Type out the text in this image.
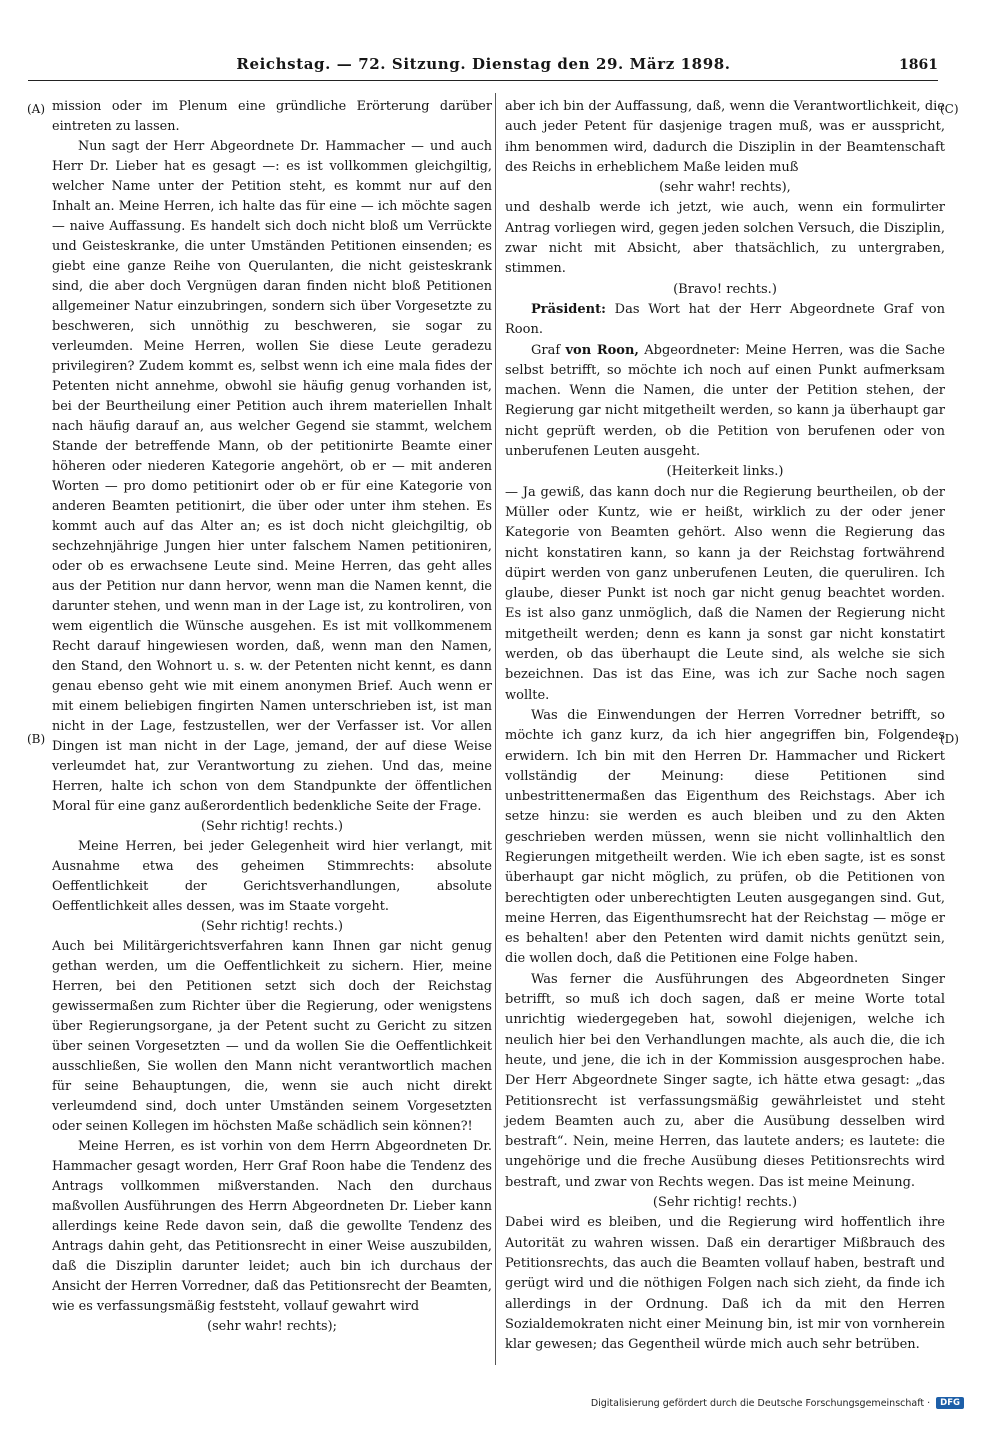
Reichstag. — 72. Sitzung. Dienstag den 29. März 1898.	1861
(A)
(B)
(C)
(D)

mission oder im Plenum eine gründliche Erörterung darüber eintreten zu lassen.

Nun sagt der Herr Abgeordnete Dr. Hammacher — und auch Herr Dr. Lieber hat es gesagt —: es ist vollkommen gleichgiltig, welcher Name unter der Petition steht, es kommt nur auf den Inhalt an. Meine Herren, ich halte das für eine — ich möchte sagen — naive Auffassung. Es handelt sich doch nicht bloß um Verrückte und Geisteskranke, die unter Umständen Petitionen einsenden; es giebt eine ganze Reihe von Querulanten, die nicht geisteskrank sind, die aber doch Vergnügen daran finden nicht bloß Petitionen allgemeiner Natur einzubringen, sondern sich über Vorgesetzte zu beschweren, sich unnöthig zu beschweren, sie sogar zu verleumden. Meine Herren, wollen Sie diese Leute geradezu privilegiren? Zudem kommt es, selbst wenn ich eine mala fides der Petenten nicht annehme, obwohl sie häufig genug vorhanden ist, bei der Beurtheilung einer Petition auch ihrem materiellen Inhalt nach häufig darauf an, aus welcher Gegend sie stammt, welchem Stande der betreffende Mann, ob der petitionirte Beamte einer höheren oder niederen Kategorie angehört, ob er — mit anderen Worten — pro domo petitionirt oder ob er für eine Kategorie von anderen Beamten petitionirt, die über oder unter ihm stehen. Es kommt auch auf das Alter an; es ist doch nicht gleichgiltig, ob sechzehnjährige Jungen hier unter falschem Namen petitioniren, oder ob es erwachsene Leute sind. Meine Herren, das geht alles aus der Petition nur dann hervor, wenn man die Namen kennt, die darunter stehen, und wenn man in der Lage ist, zu kontroliren, von wem eigentlich die Wünsche ausgehen. Es ist mit vollkommenem Recht darauf hingewiesen worden, daß, wenn man den Namen, den Stand, den Wohnort u. s. w. der Petenten nicht kennt, es dann genau ebenso geht wie mit einem anonymen Brief. Auch wenn er mit einem beliebigen fingirten Namen unterschrieben ist, ist man nicht in der Lage, festzustellen, wer der Verfasser ist. Vor allen Dingen ist man nicht in der Lage, jemand, der auf diese Weise verleumdet hat, zur Verantwortung zu ziehen. Und das, meine Herren, halte ich schon von dem Standpunkte der öffentlichen Moral für eine ganz außerordentlich bedenkliche Seite der Frage.

(Sehr richtig! rechts.)

Meine Herren, bei jeder Gelegenheit wird hier verlangt, mit Ausnahme etwa des geheimen Stimmrechts: absolute Oeffentlichkeit der Gerichtsverhandlungen, absolute Oeffentlichkeit alles dessen, was im Staate vorgeht.

(Sehr richtig! rechts.)

Auch bei Militärgerichtsverfahren kann Ihnen gar nicht genug gethan werden, um die Oeffentlichkeit zu sichern. Hier, meine Herren, bei den Petitionen setzt sich doch der Reichstag gewissermaßen zum Richter über die Regierung, oder wenigstens über Regierungsorgane, ja der Petent sucht zu Gericht zu sitzen über seinen Vorgesetzten — und da wollen Sie die Oeffentlichkeit ausschließen, Sie wollen den Mann nicht verantwortlich machen für seine Behauptungen, die, wenn sie auch nicht direkt verleumdend sind, doch unter Umständen seinem Vorgesetzten oder seinen Kollegen im höchsten Maße schädlich sein können?!

Meine Herren, es ist vorhin von dem Herrn Abgeordneten Dr. Hammacher gesagt worden, Herr Graf Roon habe die Tendenz des Antrags vollkommen mißverstanden. Nach den durchaus maßvollen Ausführungen des Herrn Abgeordneten Dr. Lieber kann allerdings keine Rede davon sein, daß die gewollte Tendenz des Antrags dahin geht, das Petitionsrecht in einer Weise auszubilden, daß die Disziplin darunter leidet; auch bin ich durchaus der Ansicht der Herren Vorredner, daß das Petitionsrecht der Beamten, wie es verfassungsmäßig feststeht, vollauf gewahrt wird

(sehr wahr! rechts);

aber ich bin der Auffassung, daß, wenn die Verantwortlichkeit, die auch jeder Petent für dasjenige tragen muß, was er ausspricht, ihm benommen wird, dadurch die Disziplin in der Beamtenschaft des Reichs in erheblichem Maße leiden muß

(sehr wahr! rechts),

und deshalb werde ich jetzt, wie auch, wenn ein formulirter Antrag vorliegen wird, gegen jeden solchen Versuch, die Disziplin, zwar nicht mit Absicht, aber thatsächlich, zu untergraben, stimmen.

(Bravo! rechts.)

Präsident: Das Wort hat der Herr Abgeordnete Graf von Roon.

Graf von Roon, Abgeordneter: Meine Herren, was die Sache selbst betrifft, so möchte ich noch auf einen Punkt aufmerksam machen. Wenn die Namen, die unter der Petition stehen, der Regierung gar nicht mitgetheilt werden, so kann ja überhaupt gar nicht geprüft werden, ob die Petition von berufenen oder von unberufenen Leuten ausgeht.

(Heiterkeit links.)

— Ja gewiß, das kann doch nur die Regierung beurtheilen, ob der Müller oder Kuntz, wie er heißt, wirklich zu der oder jener Kategorie von Beamten gehört. Also wenn die Regierung das nicht konstatiren kann, so kann ja der Reichstag fortwährend düpirt werden von ganz unberufenen Leuten, die queruliren. Ich glaube, dieser Punkt ist noch gar nicht genug beachtet worden. Es ist also ganz unmöglich, daß die Namen der Regierung nicht mitgetheilt werden; denn es kann ja sonst gar nicht konstatirt werden, ob das überhaupt die Leute sind, als welche sie sich bezeichnen. Das ist das Eine, was ich zur Sache noch sagen wollte.

Was die Einwendungen der Herren Vorredner betrifft, so möchte ich ganz kurz, da ich hier angegriffen bin, Folgendes erwidern. Ich bin mit den Herren Dr. Hammacher und Rickert vollständig der Meinung: diese Petitionen sind unbestrittenermaßen das Eigenthum des Reichstags. Aber ich setze hinzu: sie werden es auch bleiben und zu den Akten geschrieben werden müssen, wenn sie nicht vollinhaltlich den Regierungen mitgetheilt werden. Wie ich eben sagte, ist es sonst überhaupt gar nicht möglich, zu prüfen, ob die Petitionen von berechtigten oder unberechtigten Leuten ausgegangen sind. Gut, meine Herren, das Eigenthumsrecht hat der Reichstag — möge er es behalten! aber den Petenten wird damit nichts genützt sein, die wollen doch, daß die Petitionen eine Folge haben.

Was ferner die Ausführungen des Abgeordneten Singer betrifft, so muß ich doch sagen, daß er meine Worte total unrichtig wiedergegeben hat, sowohl diejenigen, welche ich neulich hier bei den Verhandlungen machte, als auch die, die ich heute, und jene, die ich in der Kommission ausgesprochen habe. Der Herr Abgeordnete Singer sagte, ich hätte etwa gesagt: „das Petitionsrecht ist verfassungsmäßig gewährleistet und steht jedem Beamten auch zu, aber die Ausübung desselben wird bestraft“. Nein, meine Herren, das lautete anders; es lautete: die ungehörige und die freche Ausübung dieses Petitionsrechts wird bestraft, und zwar von Rechts wegen. Das ist meine Meinung.

(Sehr richtig! rechts.)

Dabei wird es bleiben, und die Regierung wird hoffentlich ihre Autorität zu wahren wissen. Daß ein derartiger Mißbrauch des Petitionsrechts, das auch die Beamten vollauf haben, bestraft und gerügt wird und die nöthigen Folgen nach sich zieht, da finde ich allerdings in der Ordnung. Daß ich da mit den Herren Sozialdemokraten nicht einer Meinung bin, ist mir von vornherein klar gewesen; das Gegentheil würde mich auch sehr betrüben.

Digitalisierung gefördert durch die Deutsche Forschungsgemeinschaft ·	DFG
